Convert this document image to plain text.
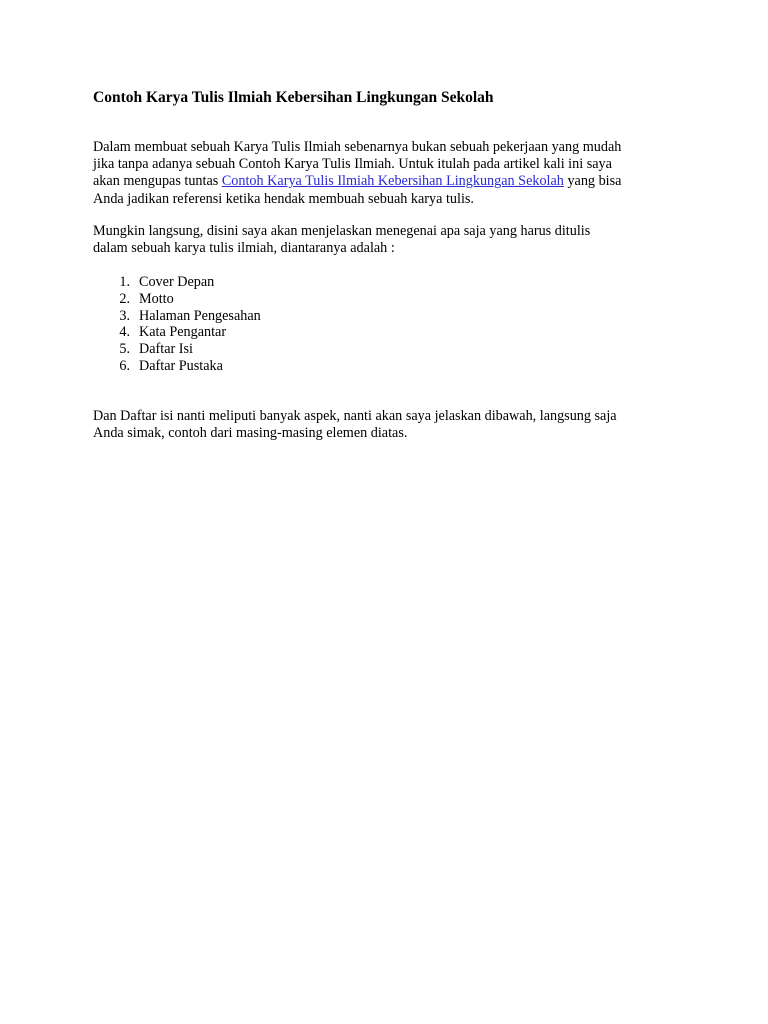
Contoh Karya Tulis Ilmiah Kebersihan Lingkungan Sekolah
Dalam membuat sebuah Karya Tulis Ilmiah sebenarnya bukan sebuah pekerjaan yang mudah
jika tanpa adanya sebuah Contoh Karya Tulis Ilmiah. Untuk itulah pada artikel kali ini saya
akan mengupas tuntas Contoh Karya Tulis Ilmiah Kebersihan Lingkungan Sekolah yang bisa
Anda jadikan referensi ketika hendak membuah sebuah karya tulis.
Mungkin langsung, disini saya akan menjelaskan menegenai apa saja yang harus ditulis
dalam sebuah karya tulis ilmiah, diantaranya adalah :
1. Cover Depan
2. Motto
3. Halaman Pengesahan
4. Kata Pengantar
5. Daftar Isi
6. Daftar Pustaka
Dan Daftar isi nanti meliputi banyak aspek, nanti akan saya jelaskan dibawah, langsung saja
Anda simak, contoh dari masing-masing elemen diatas.
